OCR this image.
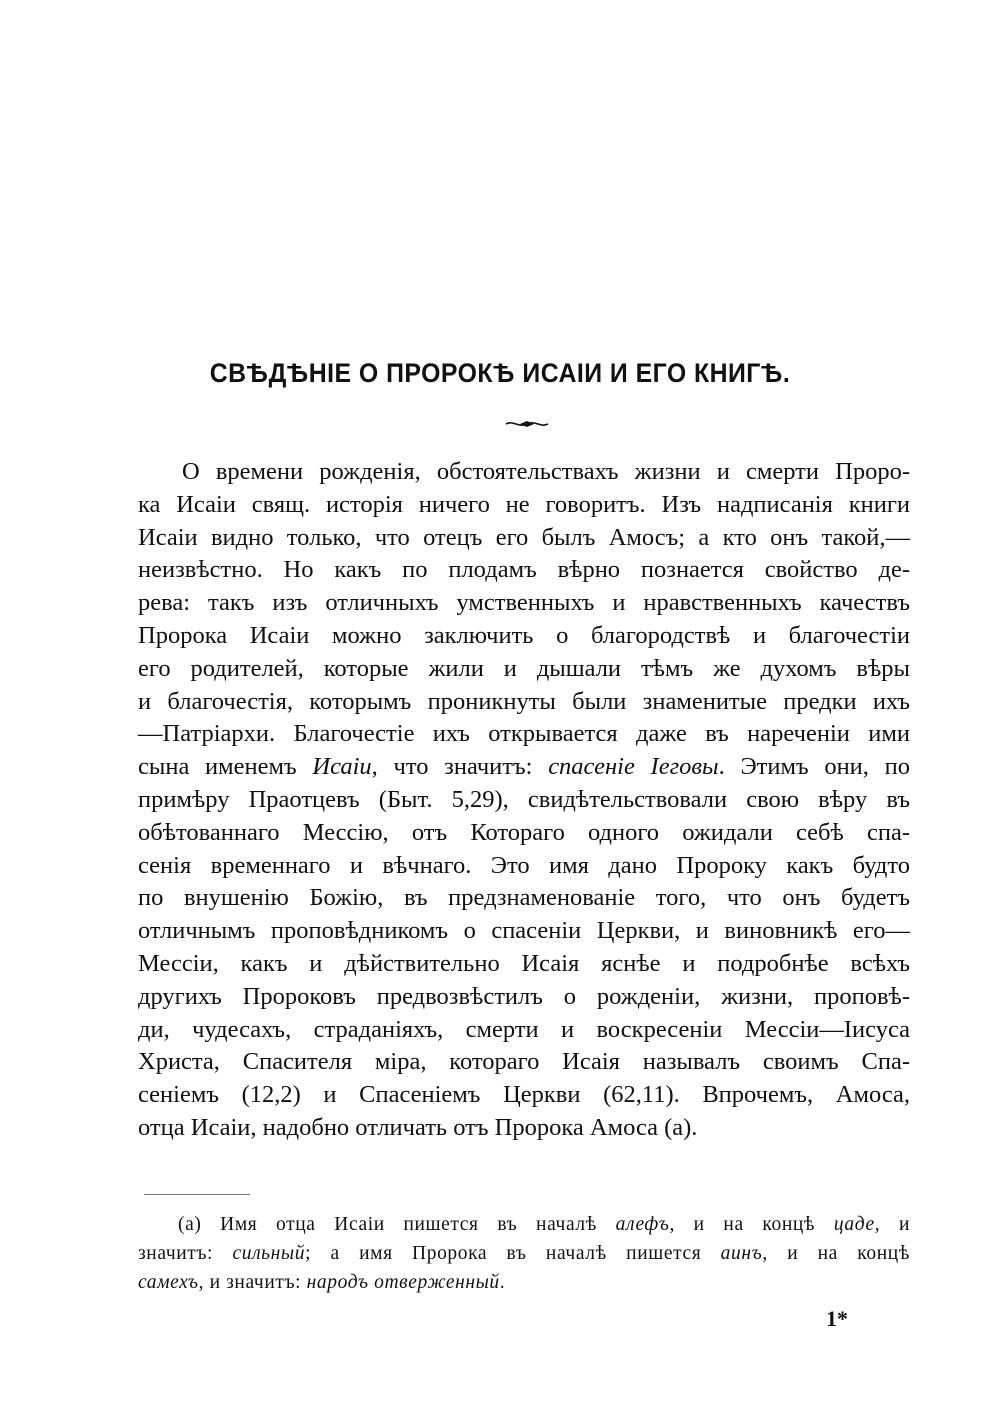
СВѢДѢНІЕ О ПРОРОКѢ ИСАІИ И ЕГО КНИГѢ.
О времени рожденія, обстоятельствахъ жизни и смерти Проро-
ка Исаіи свящ. исторія ничего не говоритъ. Изъ надписанія книги
Исаіи видно только, что отецъ его былъ Амосъ; а кто онъ такой,—
неизвѣстно. Но какъ по плодамъ вѣрно познается свойство де-
рева: такъ изъ отличныхъ умственныхъ и нравственныхъ качествъ
Пророка Исаіи можно заключить о благородствѣ и благочестіи
его родителей, которые жили и дышали тѣмъ же духомъ вѣры
и благочестія, которымъ проникнуты были знаменитые предки ихъ
—Патріархи. Благочестіе ихъ открывается даже въ нареченіи ими
сына именемъ Исаіи, что значитъ: спасеніе Іеговы. Этимъ они, по
примѣру Праотцевъ (Быт. 5,29), свидѣтельствовали свою вѣру въ
обѣтованнаго Мессію, отъ Котораго одного ожидали себѣ спа-
сенія временнаго и вѣчнаго. Это имя дано Пророку какъ будто
по внушенію Божію, въ предзнаменованіе того, что онъ будетъ
отличнымъ проповѣдникомъ о спасеніи Церкви, и виновникѣ его—
Мессіи, какъ и дѣйствительно Исаія яснѣе и подробнѣе всѣхъ
другихъ Пророковъ предвозвѣстилъ о рожденіи, жизни, проповѣ-
ди, чудесахъ, страданіяхъ, смерти и воскресеніи Мессіи—Іисуса
Христа, Спасителя міра, котораго Исаія называлъ своимъ Спа-
сеніемъ (12,2) и Спасеніемъ Церкви (62,11). Впрочемъ, Амоса,
отца Исаіи, надобно отличать отъ Пророка Амоса (а).
(а) Имя отца Исаіи пишется въ началѣ алефъ, и на концѣ цаде, и
значитъ: сильный; а имя Пророка въ началѣ пишется аинъ, и на концѣ
самехъ, и значитъ: народъ отверженный.
1*
